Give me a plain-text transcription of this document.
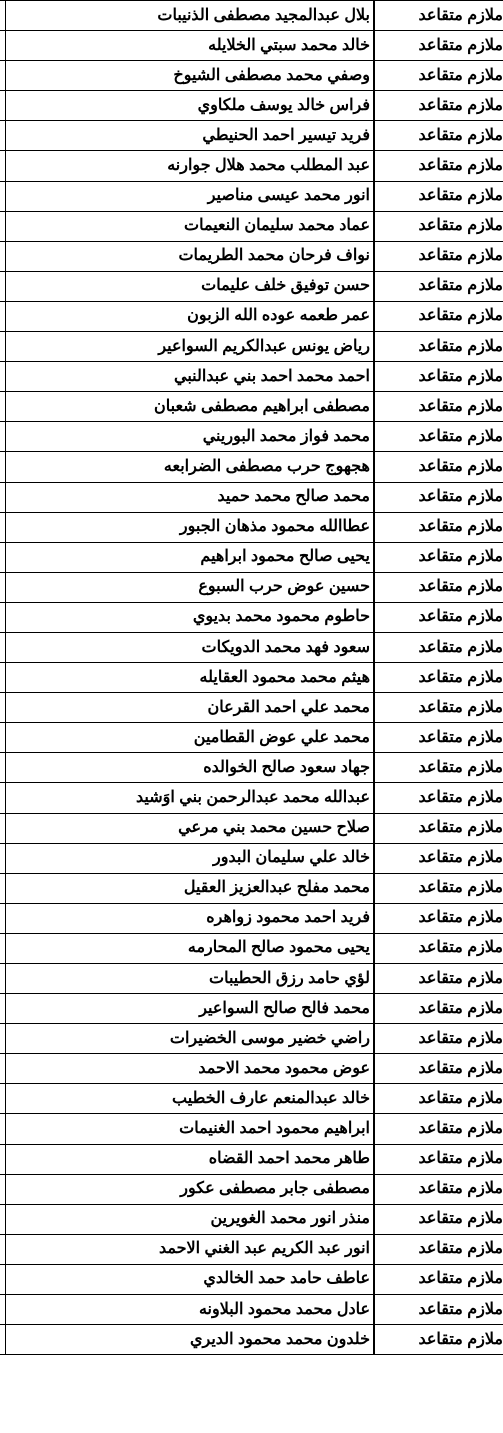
ملازم متقاعد	بلال عبدالمجيد مصطفى الذنيبات	
ملازم متقاعد	خالد محمد سبتي الخلايله	
ملازم متقاعد	وصفي محمد مصطفى الشيوخ	
ملازم متقاعد	فراس خالد يوسف ملكاوي	
ملازم متقاعد	فريد تيسير احمد الحنيطي	
ملازم متقاعد	عبد المطلب محمد هلال جوارنه	
ملازم متقاعد	انور محمد عيسى مناصير	
ملازم متقاعد	عماد محمد سليمان النعيمات	
ملازم متقاعد	نواف فرحان محمد الطريمات	
ملازم متقاعد	حسن توفيق خلف عليمات	
ملازم متقاعد	عمر طعمه عوده الله الزبون	
ملازم متقاعد	رياض يونس عبدالكريم السواعير	
ملازم متقاعد	احمد محمد احمد بني عبدالنبي	
ملازم متقاعد	مصطفى ابراهيم مصطفى شعبان	
ملازم متقاعد	محمد فواز محمد البوريني	
ملازم متقاعد	هجهوج حرب مصطفى الضرابعه	
ملازم متقاعد	محمد صالح محمد حميد	
ملازم متقاعد	عطاالله محمود مذهان الجبور	
ملازم متقاعد	يحيى صالح محمود ابراهيم	
ملازم متقاعد	حسين عوض حرب السبوع	
ملازم متقاعد	حاطوم محمود محمد بديوي	
ملازم متقاعد	سعود فهد محمد الدويكات	
ملازم متقاعد	هيثم محمد محمود العقايله	
ملازم متقاعد	محمد علي احمد القرعان	
ملازم متقاعد	محمد علي عوض القطامين	
ملازم متقاعد	جهاد سعود صالح الخوالده	
ملازم متقاعد	عبدالله محمد عبدالرحمن بني اوَشيد	
ملازم متقاعد	صلاح حسين محمد بني مرعي	
ملازم متقاعد	خالد علي سليمان البدور	
ملازم متقاعد	محمد مفلح عبدالعزيز العقيل	
ملازم متقاعد	فريد احمد محمود زواهره	
ملازم متقاعد	يحيى محمود صالح المحارمه	
ملازم متقاعد	لؤي حامد رزق الحطيبات	
ملازم متقاعد	محمد فالح صالح السواعير	
ملازم متقاعد	راضي خضير موسى الخضيرات	
ملازم متقاعد	عوض محمود محمد الاحمد	
ملازم متقاعد	خالد عبدالمنعم عارف الخطيب	
ملازم متقاعد	ابراهيم محمود احمد الغنيمات	
ملازم متقاعد	طاهر محمد احمد القضاه	
ملازم متقاعد	مصطفى جابر مصطفى عكور	
ملازم متقاعد	منذر انور محمد الغويرين	
ملازم متقاعد	انور عبد الكريم عبد الغني الاحمد	
ملازم متقاعد	عاطف حامد حمد الخالدي	
ملازم متقاعد	عادل محمد محمود البلاونه	
ملازم متقاعد	خلدون محمد محمود الديري	
